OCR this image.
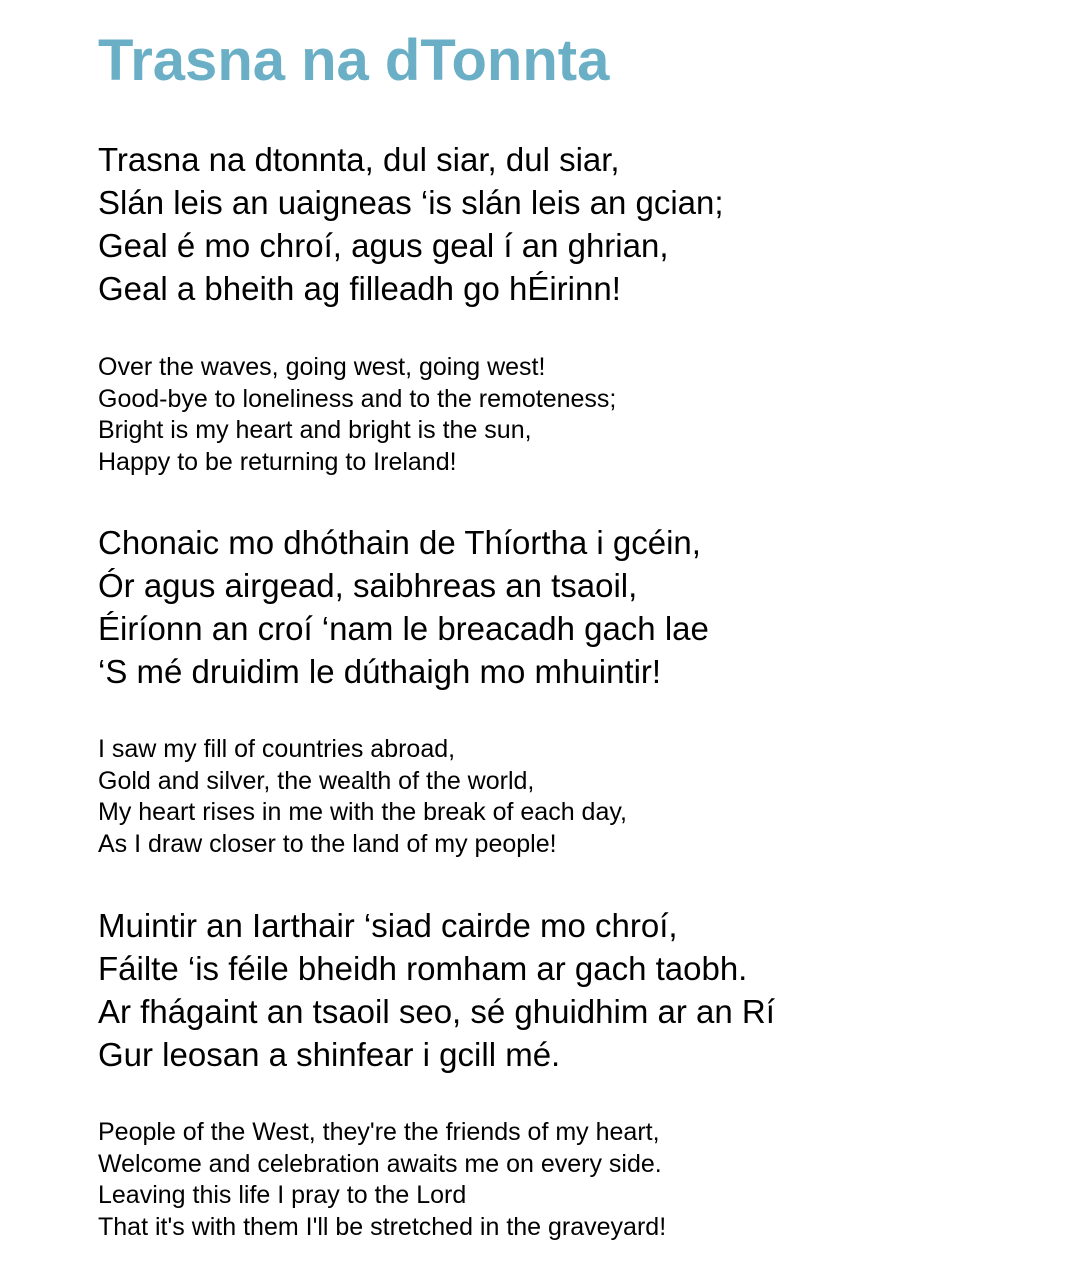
Trasna na dTonnta

Trasna na dtonnta, dul siar, dul siar,
Slán leis an uaigneas ‘is slán leis an gcian;
Geal é mo chroí, agus geal í an ghrian,
Geal a bheith ag filleadh go hÉirinn!

Over the waves, going west, going west!
Good-bye to loneliness and to the remoteness;
Bright is my heart and bright is the sun,
Happy to be returning to Ireland!

Chonaic mo dhóthain de Thíortha i gcéin,
Ór agus airgead, saibhreas an tsaoil,
Éiríonn an croí ‘nam le breacadh gach lae
‘S mé druidim le dúthaigh mo mhuintir!

I saw my fill of countries abroad,
Gold and silver, the wealth of the world,
My heart rises in me with the break of each day,
As I draw closer to the land of my people!

Muintir an Iarthair ‘siad cairde mo chroí,
Fáilte ‘is féile bheidh romham ar gach taobh.
Ar fhágaint an tsaoil seo, sé ghuidhim ar an Rí
Gur leosan a shinfear i gcill mé.

People of the West, they're the friends of my heart,
Welcome and celebration awaits me on every side.
Leaving this life I pray to the Lord
That it's with them I'll be stretched in the graveyard!
